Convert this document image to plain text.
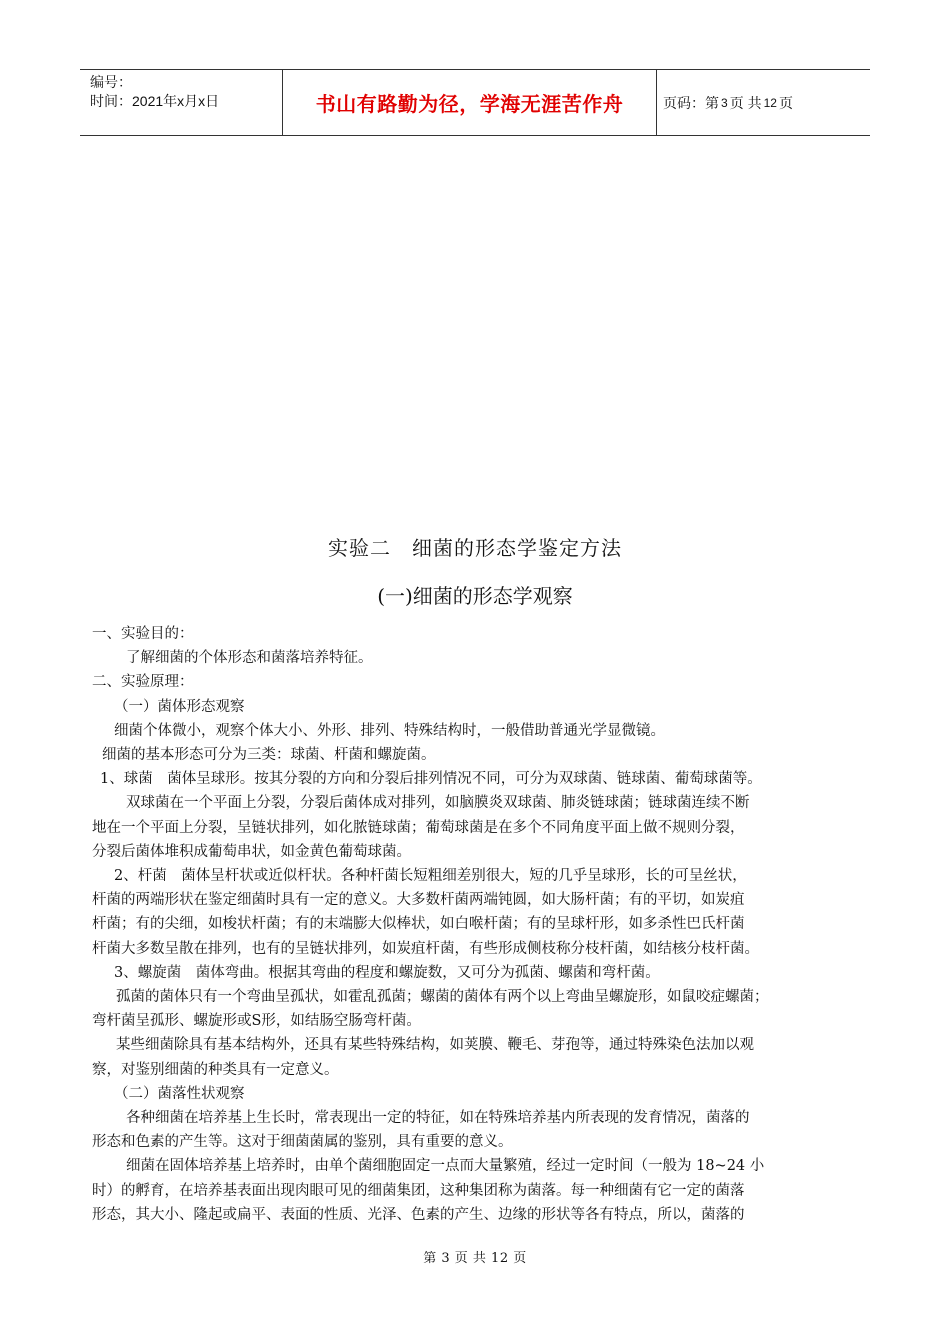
编号：
时间：2021年x月x日	书山有路勤为径，学海无涯苦作舟	页码：第 3 页 共 12 页
实验二　细菌的形态学鉴定方法
(一)细菌的形态学观察

一、实验目的：

了解细菌的个体形态和菌落培养特征。

二、实验原理：

（一）菌体形态观察

细菌个体微小，观察个体大小、外形、排列、特殊结构时，一般借助普通光学显微镜。

细菌的基本形态可分为三类：球菌、杆菌和螺旋菌。

1、球菌　菌体呈球形。按其分裂的方向和分裂后排列情况不同，可分为双球菌、链球菌、葡萄球菌等。

双球菌在一个平面上分裂，分裂后菌体成对排列，如脑膜炎双球菌、肺炎链球菌；链球菌连续不断

地在一个平面上分裂，呈链状排列，如化脓链球菌；葡萄球菌是在多个不同角度平面上做不规则分裂，

分裂后菌体堆积成葡萄串状，如金黄色葡萄球菌。

2、杆菌　菌体呈杆状或近似杆状。各种杆菌长短粗细差别很大，短的几乎呈球形，长的可呈丝状，

杆菌的两端形状在鉴定细菌时具有一定的意义。大多数杆菌两端钝圆，如大肠杆菌；有的平切，如炭疽

杆菌；有的尖细，如梭状杆菌；有的末端膨大似棒状，如白喉杆菌；有的呈球杆形，如多杀性巴氏杆菌

杆菌大多数呈散在排列，也有的呈链状排列，如炭疽杆菌，有些形成侧枝称分枝杆菌，如结核分枝杆菌。

3、螺旋菌　菌体弯曲。根据其弯曲的程度和螺旋数，又可分为孤菌、螺菌和弯杆菌。

孤菌的菌体只有一个弯曲呈孤状，如霍乱孤菌；螺菌的菌体有两个以上弯曲呈螺旋形，如鼠咬症螺菌；

弯杆菌呈孤形、螺旋形或S形，如结肠空肠弯杆菌。

某些细菌除具有基本结构外，还具有某些特殊结构，如荚膜、鞭毛、芽孢等，通过特殊染色法加以观

察，对鉴别细菌的种类具有一定意义。

（二）菌落性状观察

各种细菌在培养基上生长时，常表现出一定的特征，如在特殊培养基内所表现的发育情况，菌落的

形态和色素的产生等。这对于细菌菌属的鉴别，具有重要的意义。

细菌在固体培养基上培养时，由单个菌细胞固定一点而大量繁殖，经过一定时间（一般为 18~24 小

时）的孵育，在培养基表面出现肉眼可见的细菌集团，这种集团称为菌落。每一种细菌有它一定的菌落

形态，其大小、隆起或扁平、表面的性质、光泽、色素的产生、边缘的形状等各有特点，所以，菌落的

第 3 页 共 12 页
